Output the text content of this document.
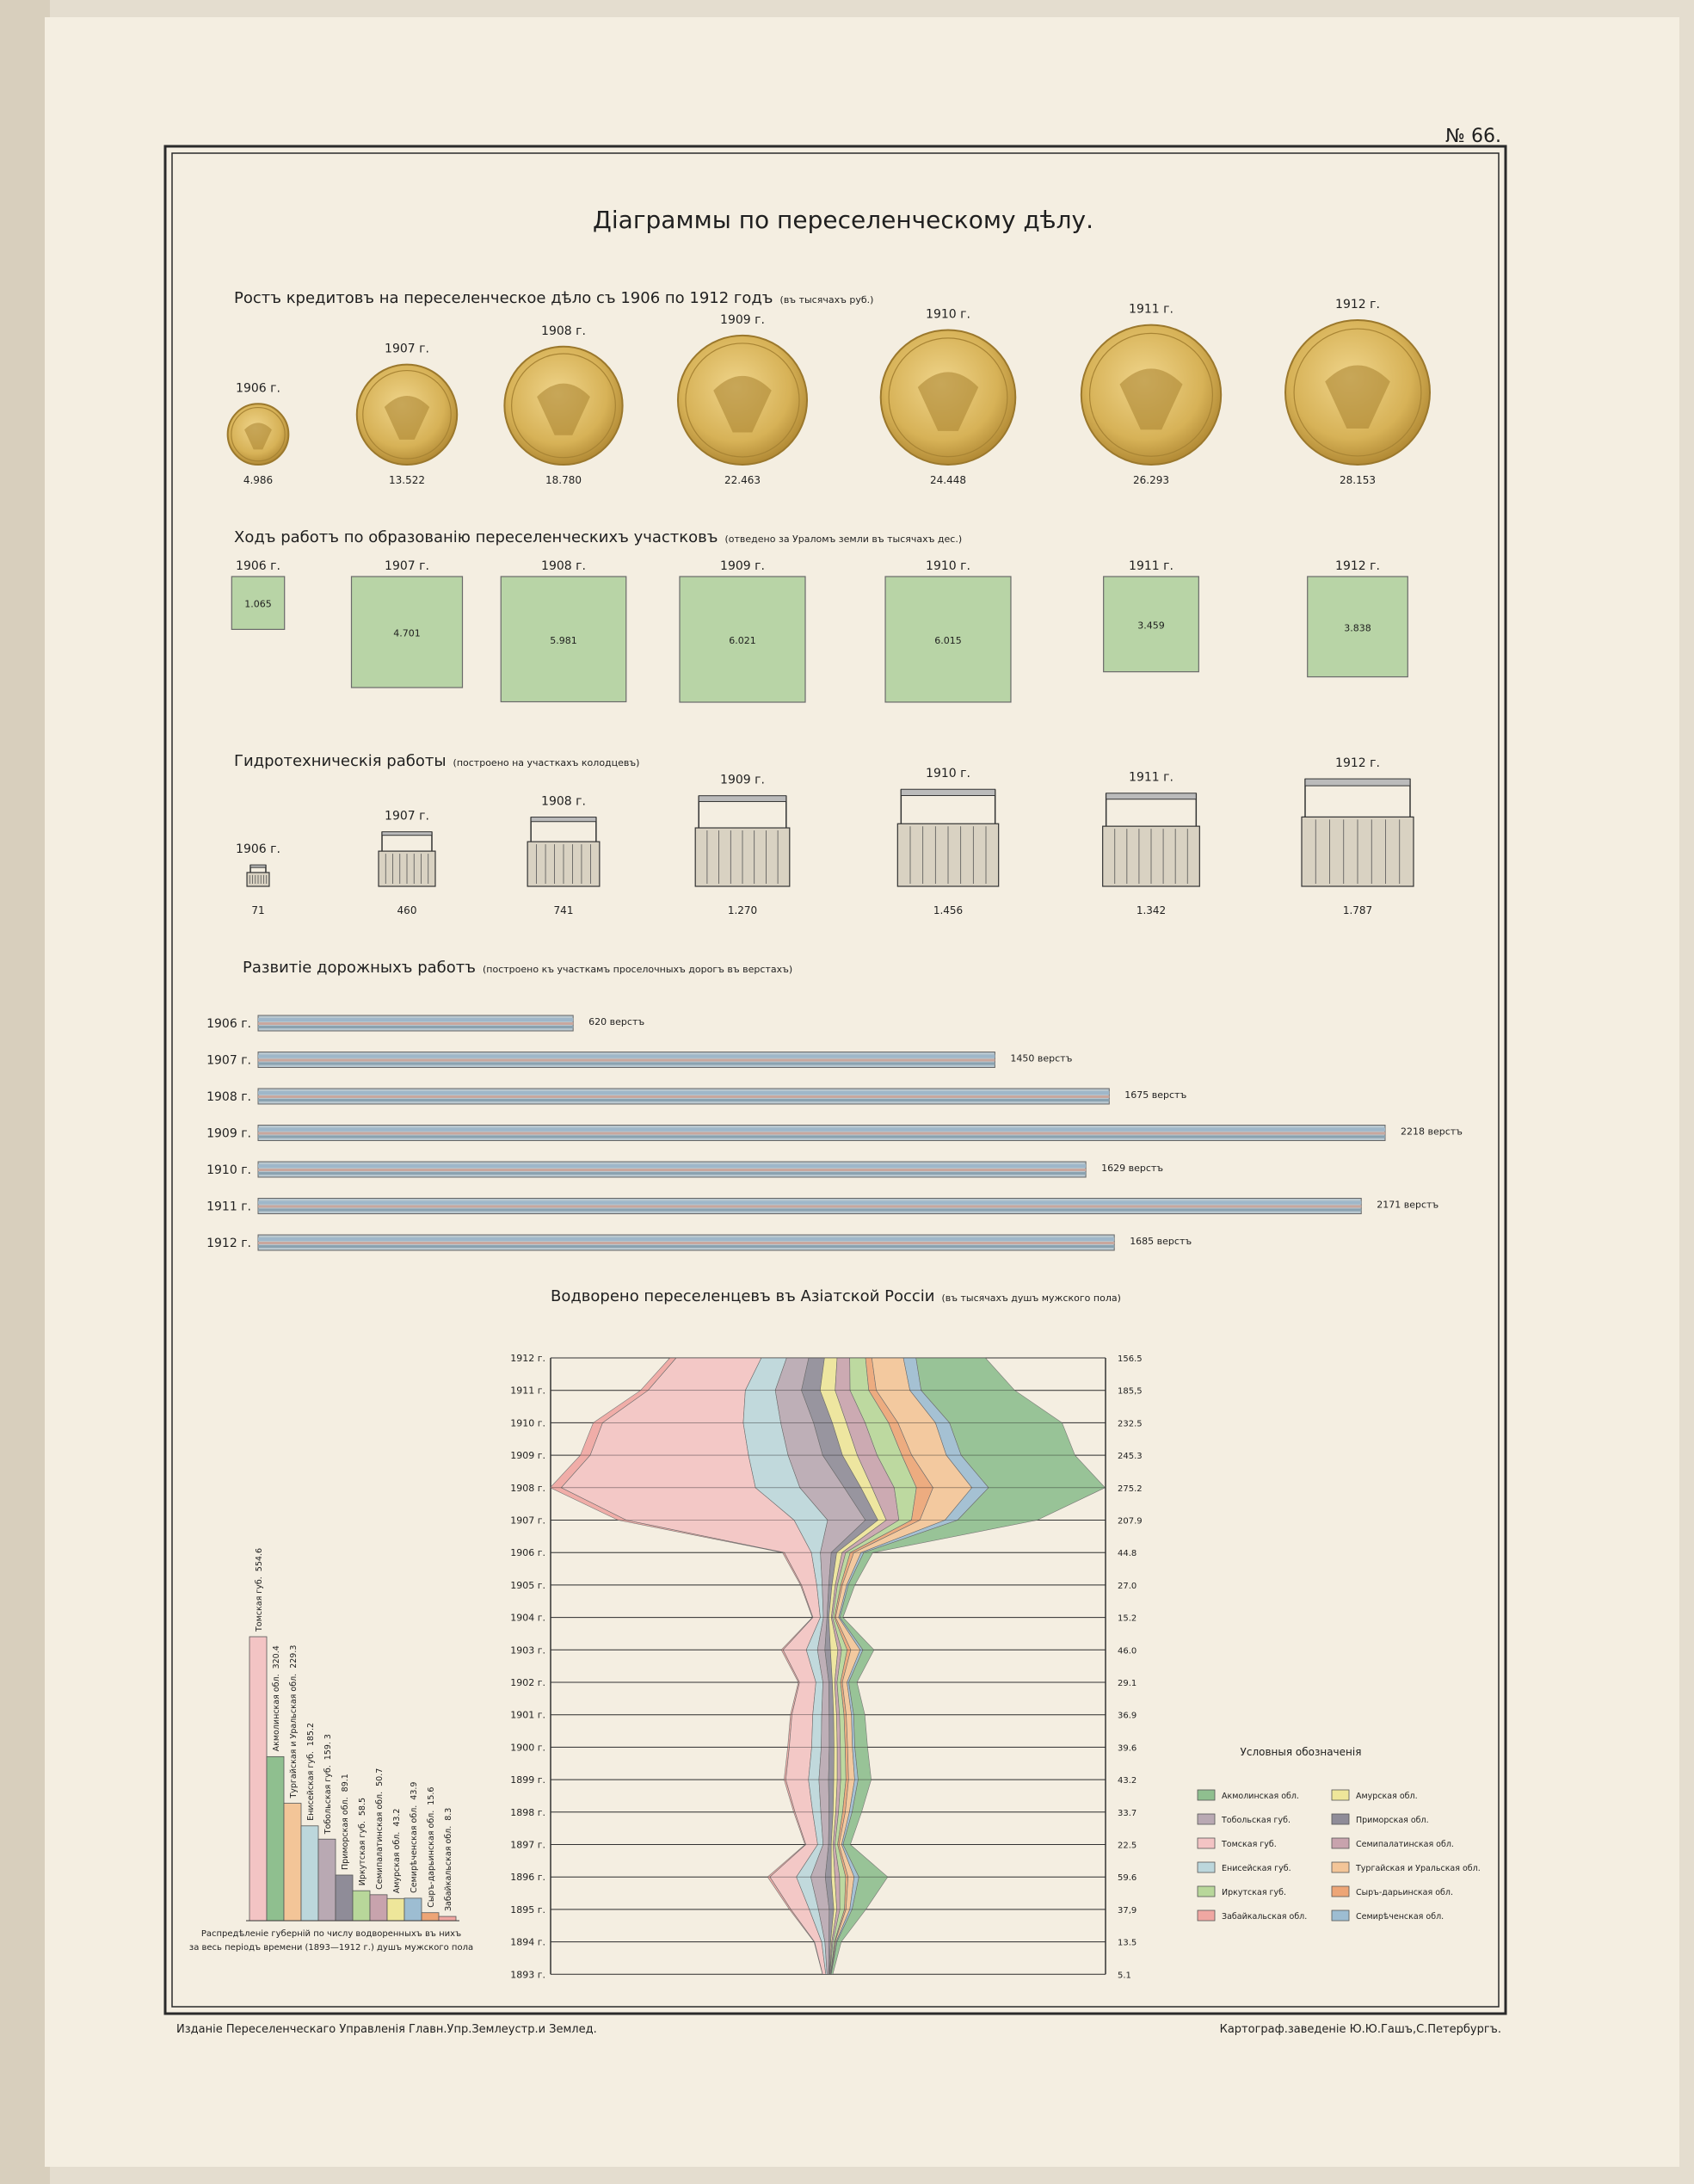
№ 66.
Діаграммы по переселенческому дѣлу.
Ростъ кредитовъ на переселенческое дѣло съ 1906 по 1912 годъ (въ тысячахъ руб.)
1906 г.
4.986
1907 г.
13.522
1908 г.
18.780
1909 г.
22.463
1910 г.
24.448
1911 г.
26.293
1912 г.
28.153
Ходъ работъ по образованію переселенческихъ участковъ (отведено за Ураломъ земли въ тысячахъ дес.)
1906 г.
1.065
1907 г.
4.701
1908 г.
5.981
1909 г.
6.021
1910 г.
6.015
1911 г.
3.459
1912 г.
3.838
Гидротехническія работы (построено на участкахъ колодцевъ)
1906 г.
71
1907 г.
460
1908 г.
741
1909 г.
1.270
1910 г.
1.456
1911 г.
1.342
1912 г.
1.787
Развитіе дорожныхъ работъ (построено къ участкамъ проселочныхъ дорогъ въ верстахъ)
1906 г.	620 верстъ
1907 г.	1450 верстъ
1908 г.	1675 верстъ
1909 г.	2218 верстъ
1910 г.	1629 верстъ
1911 г.	2171 верстъ
1912 г.	1685 верстъ
Водворено переселенцевъ въ Азіатской Россіи (въ тысячахъ душъ мужского пола)
1912 г.	156.5
1911 г.	185,5
1910 г.	232.5
1909 г.	245.3
1908 г.	275.2
1907 г.	207.9
1906 г.	44.8
1905 г.	27.0
1904 г.	15.2
1903 г.	46.0
1902 г.	29.1
1901 г.	36.9
1900 г.	39.6
1899 г.	43.2
1898 г.	33.7
1897 г.	22.5
1896 г.	59.6
1895 г.	37,9
1894 г.	13.5
1893 г.	5.1
Условныя обозначенія
Акмолинская обл.
Тобольская губ.
Томская губ.
Енисейская губ.
Иркутская губ.
Забайкальская обл.
Амурская обл.
Приморская обл.
Семипалатинская обл.
Тургайская и Уральская обл.
Сыръ-дарьинская обл.
Семирѣченская обл.
Томская губ.554.6
Акмолинская обл.320.4
Тургайская и Уральская обл.229.3
Енисейская губ.185.2
Тобольская губ.159. 3
Приморская обл.89.1
Иркутская губ.58.5 Семипалатинская обл.50.7
Амурская обл.43.2 Семирѣченская обл.43.9
Сыръ-дарьинская обл.15.6
Забайкальская обл.8.3
Распредѣленіе губерній по числу водворенныхъ въ нихъ
за весь періодъ времени (1893—1912 г.) душъ мужского пола
Изданіе Переселенческаго Управленія Главн.Упр.Землеустр.и Землед.	Картограф.заведеніе Ю.Ю.Гашъ,С.Петербургъ.
